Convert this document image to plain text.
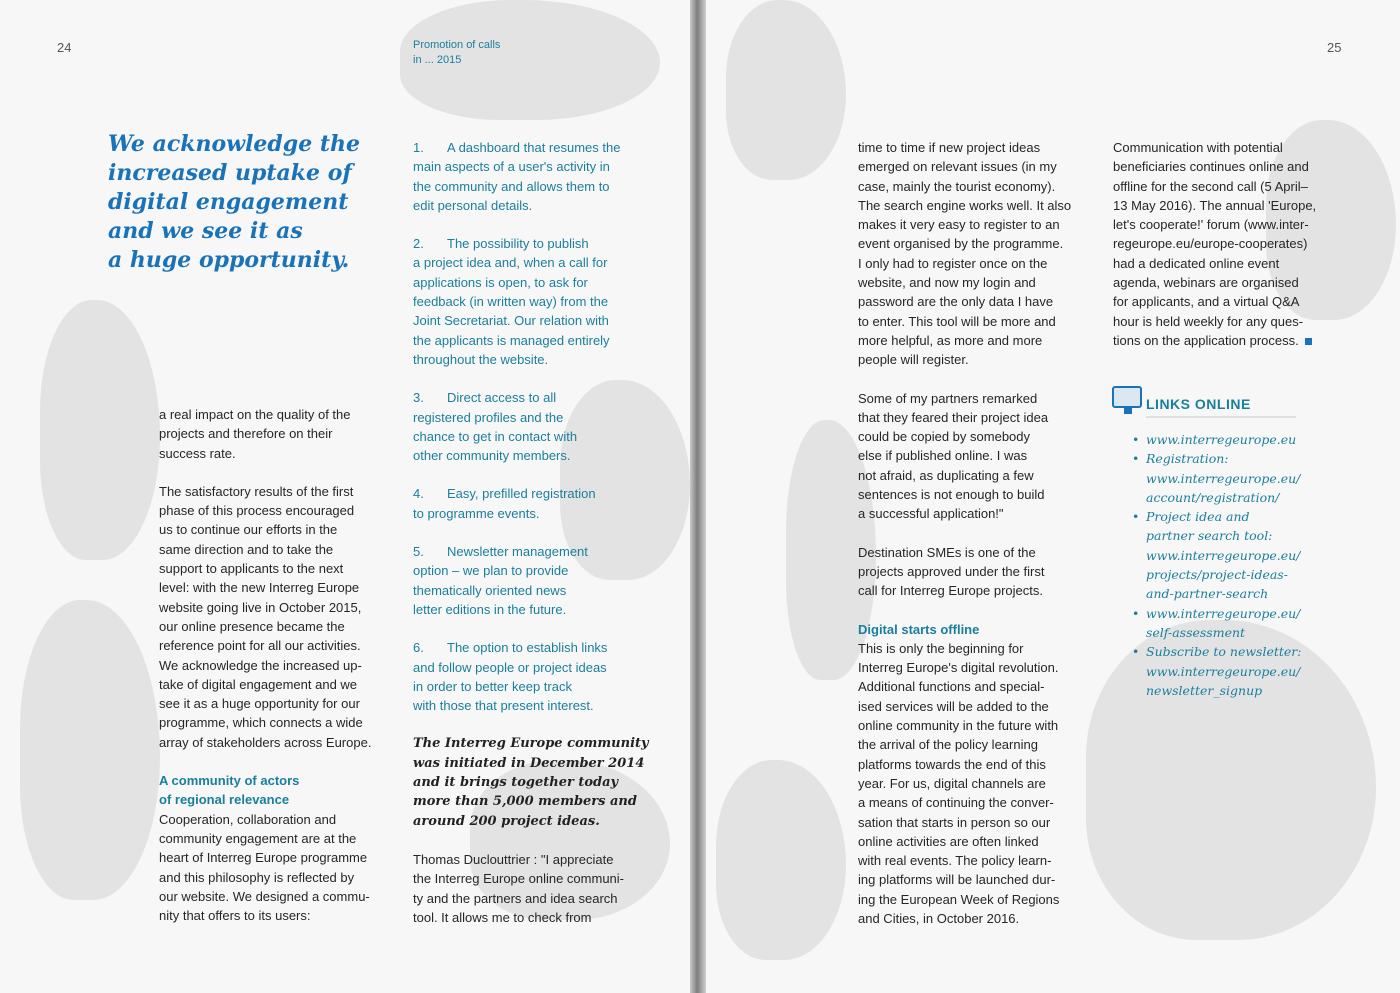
24	Promotion of calls
in ... 2015
We acknowledge the
increased uptake of
digital engagement
and we see it as
a huge opportunity.

a real impact on the quality of the
projects and therefore on their
success rate.

The satisfactory results of the first
phase of this process encouraged
us to continue our efforts in the
same direction and to take the
support to applicants to the next
level: with the new Interreg Europe
website going live in October 2015,
our online presence became the
reference point for all our activities.
We acknowledge the increased up-
take of digital engagement and we
see it as a huge opportunity for our
programme, which connects a wide
array of stakeholders across Europe.

A community of actors
of regional relevance

Cooperation, collaboration and
community engagement are at the
heart of Interreg Europe programme
and this philosophy is reflected by
our website. We designed a commu-
nity that offers to its users:

1. A dashboard that resumes the
main aspects of a user's activity in
the community and allows them to
edit personal details.
2. The possibility to publish
a project idea and, when a call for
applications is open, to ask for
feedback (in written way) from the
Joint Secretariat. Our relation with
the applicants is managed entirely
throughout the website.
3. Direct access to all
registered profiles and the
chance to get in contact with
other community members.
4. Easy, prefilled registration
to programme events.
5. Newsletter management
option – we plan to provide
thematically oriented news
letter editions in the future.
6. The option to establish links
and follow people or project ideas
in order to better keep track
with those that present interest.
The Interreg Europe community
was initiated in December 2014
and it brings together today
more than 5,000 members and
around 200 project ideas.

Thomas Duclouttrier : "I appreciate
the Interreg Europe online communi-
ty and the partners and idea search
tool. It allows me to check from

25

time to time if new project ideas
emerged on relevant issues (in my
case, mainly the tourist economy).
The search engine works well. It also
makes it very easy to register to an
event organised by the programme.
I only had to register once on the
website, and now my login and
password are the only data I have
to enter. This tool will be more and
more helpful, as more and more
people will register.

Some of my partners remarked
that they feared their project idea
could be copied by somebody
else if published online. I was
not afraid, as duplicating a few
sentences is not enough to build
a successful application!"

Destination SMEs is one of the
projects approved under the first
call for Interreg Europe projects.

Digital starts offline

This is only the beginning for
Interreg Europe's digital revolution.
Additional functions and special-
ised services will be added to the
online community in the future with
the arrival of the policy learning
platforms towards the end of this
year. For us, digital channels are
a means of continuing the conver-
sation that starts in person so our
online activities are often linked
with real events. The policy learn-
ing platforms will be launched dur-
ing the European Week of Regions
and Cities, in October 2016.

Communication with potential
beneficiaries continues online and
offline for the second call (5 April–
13 May 2016). The annual 'Europe,
let's cooperate!' forum (www.inter-
regeurope.eu/europe-cooperates)
had a dedicated online event
agenda, webinars are organised
for applicants, and a virtual Q&A
hour is held weekly for any ques-
tions on the application process.

LINKS ONLINE
• www.interregeurope.eu
• Registration:
www.interregeurope.eu/
account/registration/
• Project idea and
partner search tool:
www.interregeurope.eu/
projects/project-ideas-
and-partner-search
• www.interregeurope.eu/
self-assessment
• Subscribe to newsletter:
www.interregeurope.eu/
newsletter_signup
